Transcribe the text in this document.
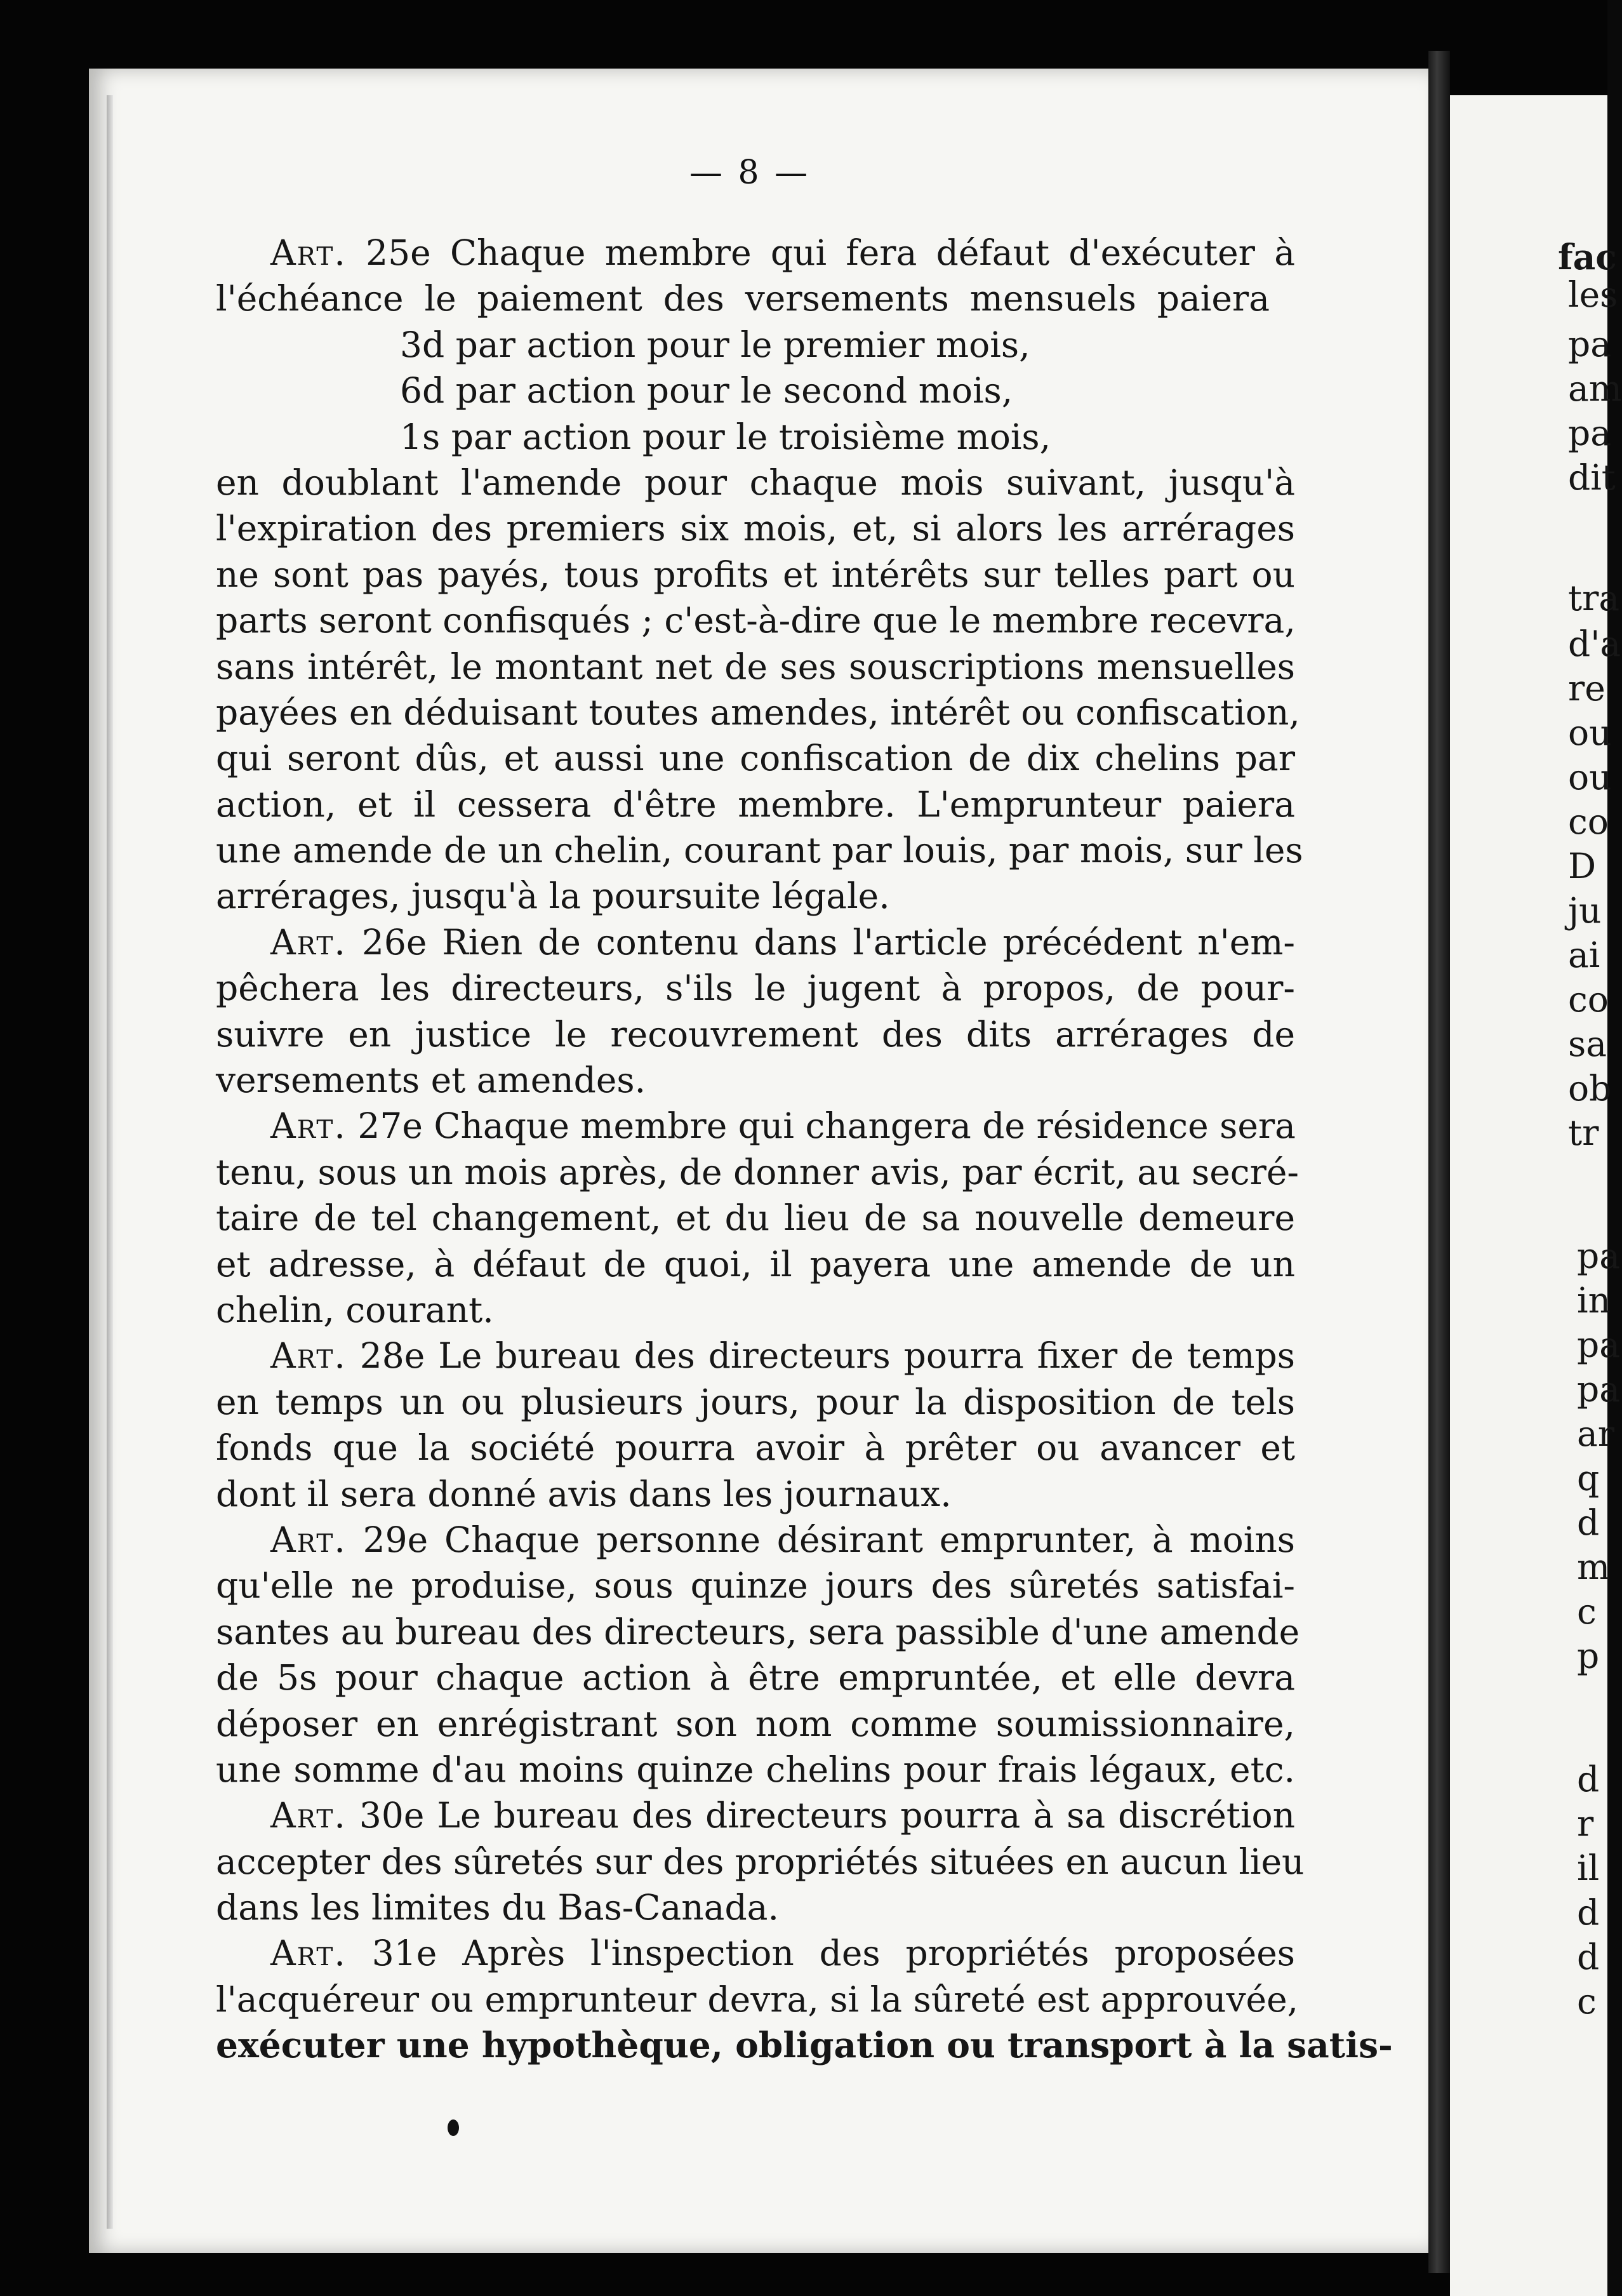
— 8 —
Art. 25e Chaque membre qui fera défaut d'exécuter à
l'échéance le paiement des versements mensuels paiera
3d par action pour le premier mois,
6d par action pour le second mois,
1s par action pour le troisième mois,
en doublant l'amende pour chaque mois suivant, jusqu'à
l'expiration des premiers six mois, et, si alors les arrérages
ne sont pas payés, tous profits et intérêts sur telles part ou
parts seront confisqués ; c'est-à-dire que le membre recevra,
sans intérêt, le montant net de ses souscriptions mensuelles
payées en déduisant toutes amendes, intérêt ou confiscation,
qui seront dûs, et aussi une confiscation de dix chelins par
action, et il cessera d'être membre. L'emprunteur paiera
une amende de un chelin, courant par louis, par mois, sur les
arrérages, jusqu'à la poursuite légale.
Art. 26e Rien de contenu dans l'article précédent n'em-
pêchera les directeurs, s'ils le jugent à propos, de pour-
suivre en justice le recouvrement des dits arrérages de
versements et amendes.
Art. 27e Chaque membre qui changera de résidence sera
tenu, sous un mois après, de donner avis, par écrit, au secré-
taire de tel changement, et du lieu de sa nouvelle demeure
et adresse, à défaut de quoi, il payera une amende de un
chelin, courant.
Art. 28e Le bureau des directeurs pourra fixer de temps
en temps un ou plusieurs jours, pour la disposition de tels
fonds que la société pourra avoir à prêter ou avancer et
dont il sera donné avis dans les journaux.
Art. 29e Chaque personne désirant emprunter, à moins
qu'elle ne produise, sous quinze jours des sûretés satisfai-
santes au bureau des directeurs, sera passible d'une amende
de 5s pour chaque action à être empruntée, et elle devra
déposer en enrégistrant son nom comme soumissionnaire,
une somme d'au moins quinze chelins pour frais légaux, etc.
Art. 30e Le bureau des directeurs pourra à sa discrétion
accepter des sûretés sur des propriétés situées en aucun lieu
dans les limites du Bas-Canada.
Art. 31e Après l'inspection des propriétés proposées
l'acquéreur ou emprunteur devra, si la sûreté est approuvée,
exécuter une hypothèque, obligation ou transport à la satis-
fac
les
pa
am
pa
dit
tra
d'a
re
ou
ou
co
D
ju
ai
co
sa
ob
tr
pa
in
pa
pa
ar
q
d
m
c
p
d
r
il
d
d
c
